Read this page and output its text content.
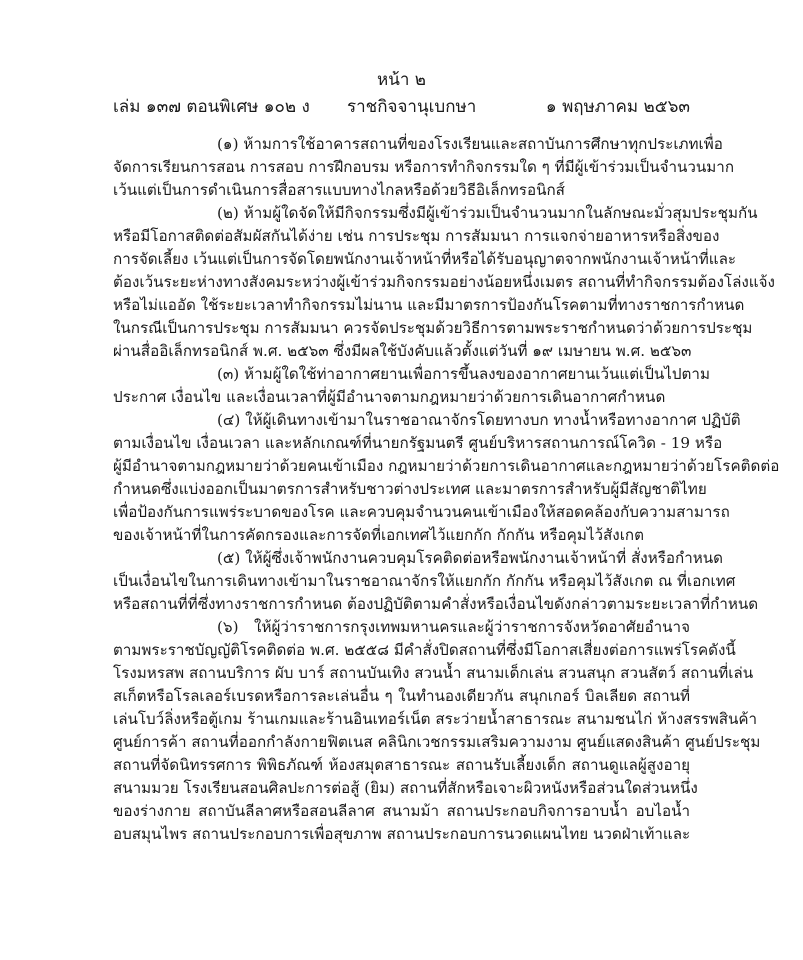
หน้า ๒
เล่ม ๑๓๗ ตอนพิเศษ ๑๐๒ ง ราชกิจจานุเบกษา	๑ พฤษภาคม ๒๕๖๓
(๑) ห้ามการใช้อาคารสถานที่ของโรงเรียนและสถาบันการศึกษาทุกประเภทเพื่อ
จัดการเรียนการสอน การสอบ การฝึกอบรม หรือการทำกิจกรรมใด ๆ ที่มีผู้เข้าร่วมเป็นจำนวนมาก
เว้นแต่เป็นการดำเนินการสื่อสารแบบทางไกลหรือด้วยวิธีอิเล็กทรอนิกส์
(๒) ห้ามผู้ใดจัดให้มีกิจกรรมซึ่งมีผู้เข้าร่วมเป็นจำนวนมากในลักษณะมั่วสุมประชุมกัน
หรือมีโอกาสติดต่อสัมผัสกันได้ง่าย เช่น การประชุม การสัมมนา การแจกจ่ายอาหารหรือสิ่งของ
การจัดเลี้ยง เว้นแต่เป็นการจัดโดยพนักงานเจ้าหน้าที่หรือได้รับอนุญาตจากพนักงานเจ้าหน้าที่และ
ต้องเว้นระยะห่างทางสังคมระหว่างผู้เข้าร่วมกิจกรรมอย่างน้อยหนึ่งเมตร สถานที่ทำกิจกรรมต้องโล่งแจ้ง
หรือไม่แออัด ใช้ระยะเวลาทำกิจกรรมไม่นาน และมีมาตรการป้องกันโรคตามที่ทางราชการกำหนด
ในกรณีเป็นการประชุม การสัมมนา ควรจัดประชุมด้วยวิธีการตามพระราชกำหนดว่าด้วยการประชุม
ผ่านสื่ออิเล็กทรอนิกส์ พ.ศ. ๒๕๖๓ ซึ่งมีผลใช้บังคับแล้วตั้งแต่วันที่ ๑๙ เมษายน พ.ศ. ๒๕๖๓
(๓) ห้ามผู้ใดใช้ท่าอากาศยานเพื่อการขึ้นลงของอากาศยานเว้นแต่เป็นไปตาม
ประกาศ เงื่อนไข และเงื่อนเวลาที่ผู้มีอำนาจตามกฎหมายว่าด้วยการเดินอากาศกำหนด
(๔) ให้ผู้เดินทางเข้ามาในราชอาณาจักรโดยทางบก ทางน้ำหรือทางอากาศ ปฏิบัติ
ตามเงื่อนไข เงื่อนเวลา และหลักเกณฑ์ที่นายกรัฐมนตรี ศูนย์บริหารสถานการณ์โควิด - 19 หรือ
ผู้มีอำนาจตามกฎหมายว่าด้วยคนเข้าเมือง กฎหมายว่าด้วยการเดินอากาศและกฎหมายว่าด้วยโรคติดต่อ
กำหนดซึ่งแบ่งออกเป็นมาตรการสำหรับชาวต่างประเทศ และมาตรการสำหรับผู้มีสัญชาติไทย
เพื่อป้องกันการแพร่ระบาดของโรค และควบคุมจำนวนคนเข้าเมืองให้สอดคล้องกับความสามารถ
ของเจ้าหน้าที่ในการคัดกรองและการจัดที่เอกเทศไว้แยกกัก กักกัน หรือคุมไว้สังเกต
(๕) ให้ผู้ซึ่งเจ้าพนักงานควบคุมโรคติดต่อหรือพนักงานเจ้าหน้าที่ สั่งหรือกำหนด
เป็นเงื่อนไขในการเดินทางเข้ามาในราชอาณาจักรให้แยกกัก กักกัน หรือคุมไว้สังเกต ณ ที่เอกเทศ
หรือสถานที่ที่ซึ่งทางราชการกำหนด ต้องปฏิบัติตามคำสั่งหรือเงื่อนไขดังกล่าวตามระยะเวลาที่กำหนด
(๖) ให้ผู้ว่าราชการกรุงเทพมหานครและผู้ว่าราชการจังหวัดอาศัยอำนาจ
ตามพระราชบัญญัติโรคติดต่อ พ.ศ. ๒๕๕๘ มีคำสั่งปิดสถานที่ซึ่งมีโอกาสเสี่ยงต่อการแพร่โรคดังนี้
โรงมหรสพ สถานบริการ ผับ บาร์ สถานบันเทิง สวนน้ำ สนามเด็กเล่น สวนสนุก สวนสัตว์ สถานที่เล่น
สเก็ตหรือโรลเลอร์เบรดหรือการละเล่นอื่น ๆ ในทำนองเดียวกัน สนุกเกอร์ บิลเลียด สถานที่
เล่นโบว์ลิ่งหรือตู้เกม ร้านเกมและร้านอินเทอร์เน็ต สระว่ายน้ำสาธารณะ สนามชนไก่ ห้างสรรพสินค้า
ศูนย์การค้า สถานที่ออกกำลังกายฟิตเนส คลินิกเวชกรรมเสริมความงาม ศูนย์แสดงสินค้า ศูนย์ประชุม
สถานที่จัดนิทรรศการ พิพิธภัณฑ์ ห้องสมุดสาธารณะ สถานรับเลี้ยงเด็ก สถานดูแลผู้สูงอายุ
สนามมวย โรงเรียนสอนศิลปะการต่อสู้ (ยิม) สถานที่สักหรือเจาะผิวหนังหรือส่วนใดส่วนหนึ่ง
ของร่างกาย สถาบันลีลาศหรือสอนลีลาศ สนามม้า สถานประกอบกิจการอาบน้ำ อบไอน้ำ
อบสมุนไพร สถานประกอบการเพื่อสุขภาพ สถานประกอบการนวดแผนไทย นวดฝ่าเท้าและ
